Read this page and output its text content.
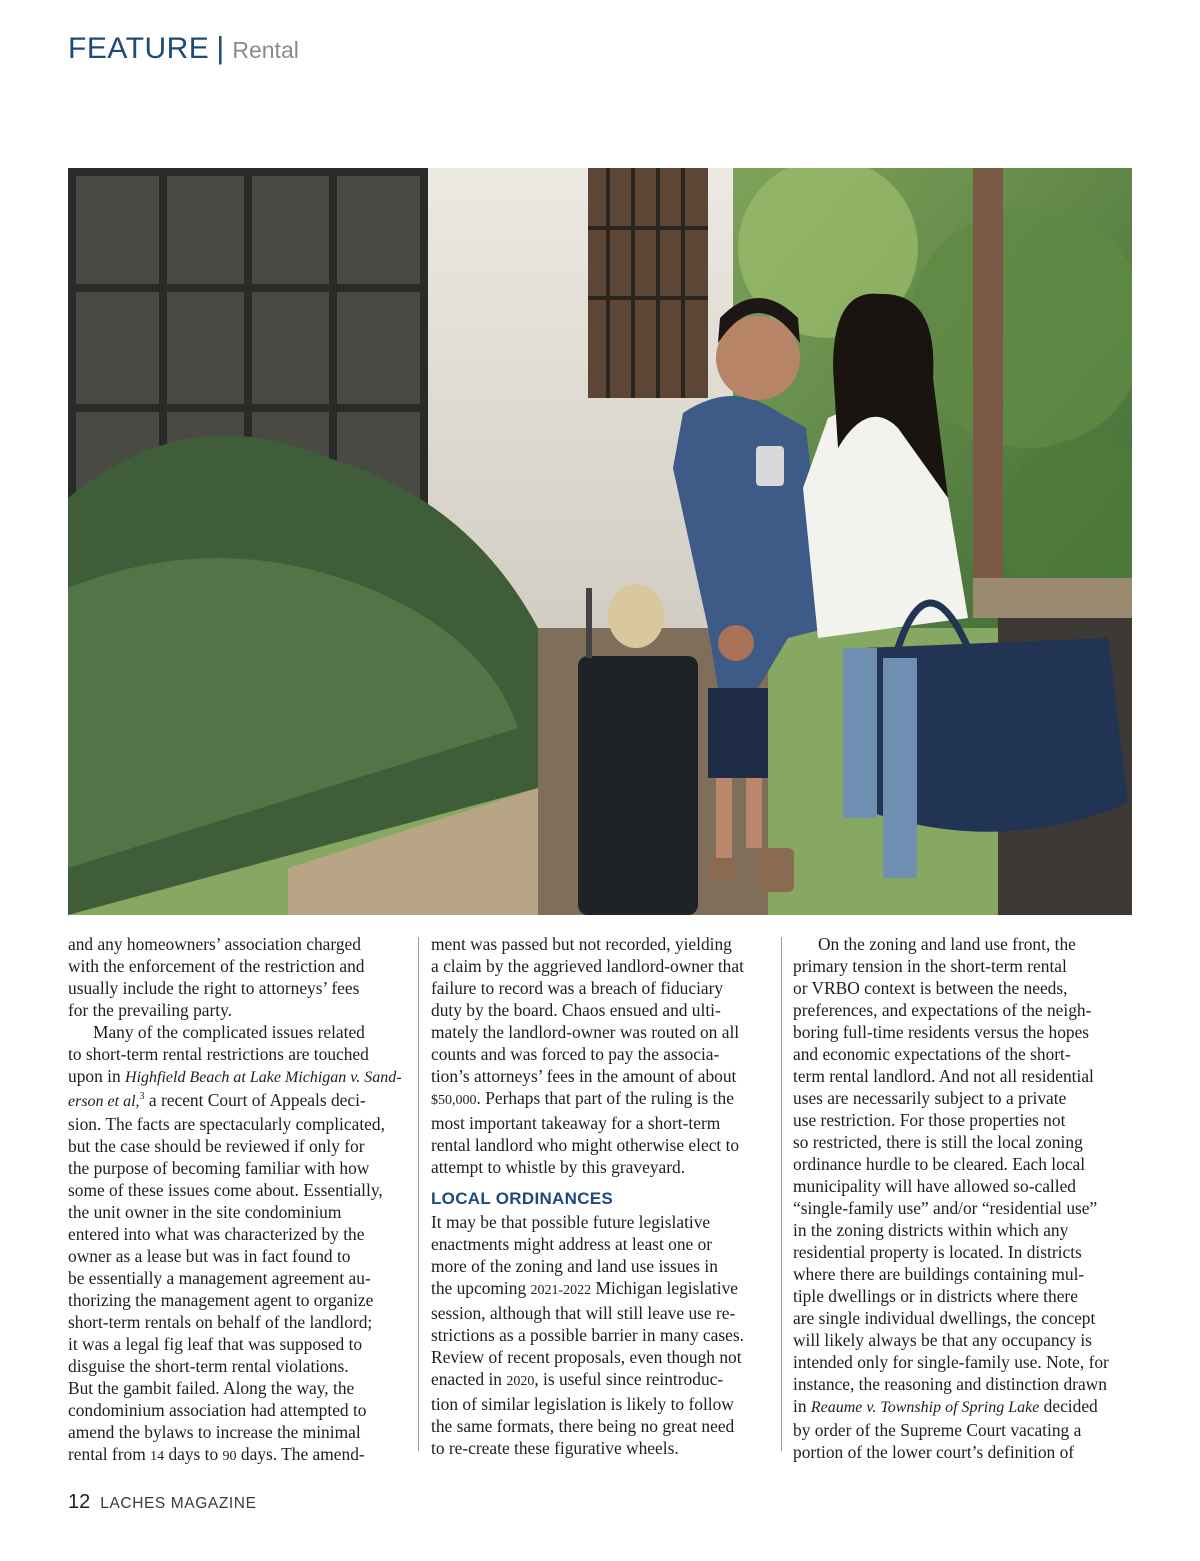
FEATURE | Rental

and any homeowners’ association charged

with the enforcement of the restriction and

usually include the right to attorneys’ fees

for the prevailing party.

Many of the complicated issues related

to short-term rental restrictions are touched

upon in Highfield Beach at Lake Michigan v. Sand-

erson et al,$^3$ a recent Court of Appeals deci-

sion. The facts are spectacularly complicated,

but the case should be reviewed if only for

the purpose of becoming familiar with how

some of these issues come about. Essentially,

the unit owner in the site condominium

entered into what was characterized by the

owner as a lease but was in fact found to

be essentially a management agreement au-

thorizing the management agent to organize

short-term rentals on behalf of the landlord;

it was a legal fig leaf that was supposed to

disguise the short-term rental violations.

But the gambit failed. Along the way, the

condominium association had attempted to

amend the bylaws to increase the minimal

rental from 14 days to 90 days. The amend-

ment was passed but not recorded, yielding

a claim by the aggrieved landlord-owner that

failure to record was a breach of fiduciary

duty by the board. Chaos ensued and ulti-

mately the landlord-owner was routed on all

counts and was forced to pay the associa-

tion’s attorneys’ fees in the amount of about

$50,000. Perhaps that part of the ruling is the

most important takeaway for a short-term

rental landlord who might otherwise elect to

attempt to whistle by this graveyard.

LOCAL ORDINANCES

It may be that possible future legislative

enactments might address at least one or

more of the zoning and land use issues in

the upcoming 2021-2022 Michigan legislative

session, although that will still leave use re-

strictions as a possible barrier in many cases.

Review of recent proposals, even though not

enacted in 2020, is useful since reintroduc-

tion of similar legislation is likely to follow

the same formats, there being no great need

to re-create these figurative wheels.

On the zoning and land use front, the

primary tension in the short-term rental

or VRBO context is between the needs,

preferences, and expectations of the neigh-

boring full-time residents versus the hopes

and economic expectations of the short-

term rental landlord. And not all residential

uses are necessarily subject to a private

use restriction. For those properties not

so restricted, there is still the local zoning

ordinance hurdle to be cleared. Each local

municipality will have allowed so-called

“single-family use” and/or “residential use”

in the zoning districts within which any

residential property is located. In districts

where there are buildings containing mul-

tiple dwellings or in districts where there

are single individual dwellings, the concept

will likely always be that any occupancy is

intended only for single-family use. Note, for

instance, the reasoning and distinction drawn

in Reaume v. Township of Spring Lake decided

by order of the Supreme Court vacating a

portion of the lower court’s definition of

12 LACHES MAGAZINE
